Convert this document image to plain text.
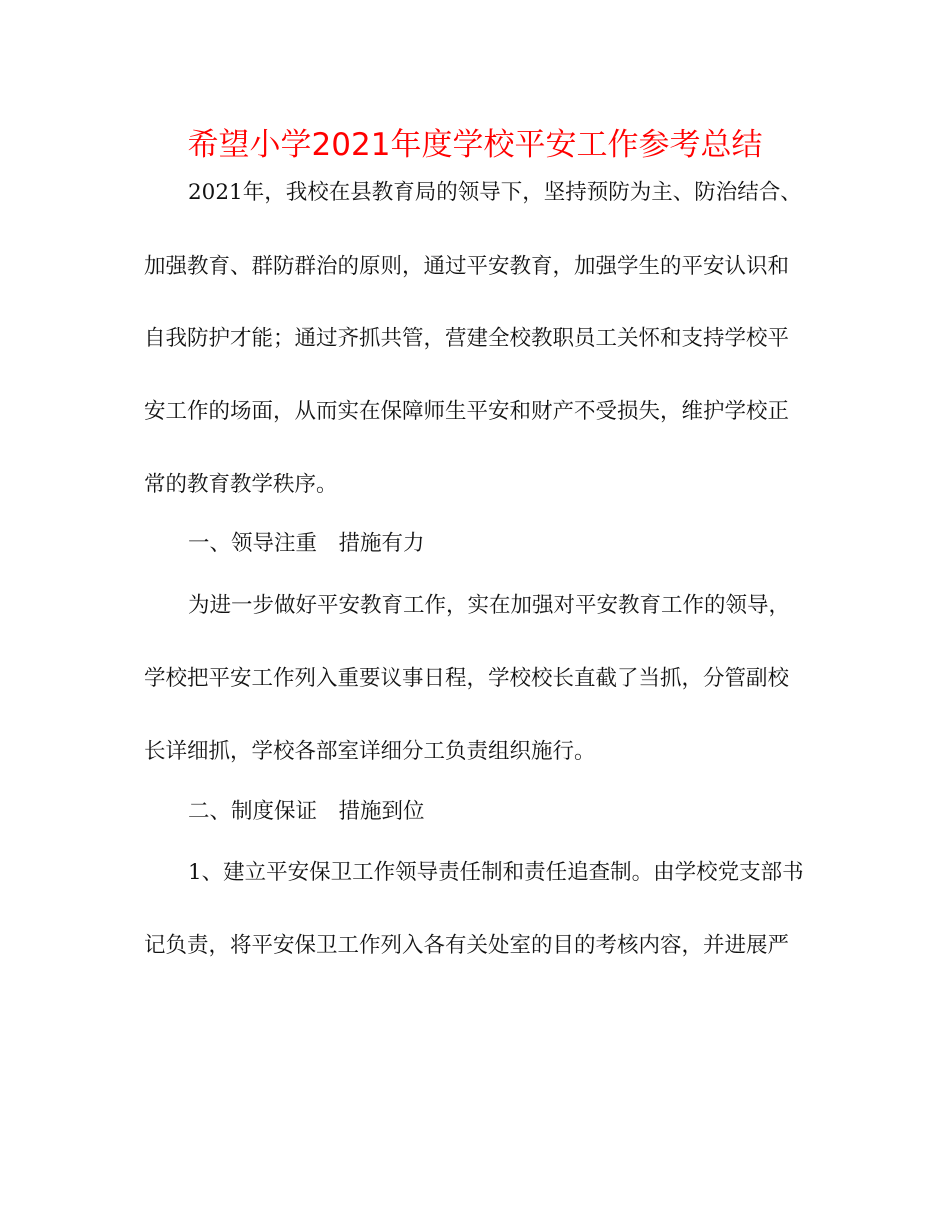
希望小学2021年度学校平安工作参考总结
2021年，我校在县教育局的领导下，坚持预防为主、防治结合、
加强教育、群防群治的原则，通过平安教育，加强学生的平安认识和
自我防护才能；通过齐抓共管，营建全校教职员工关怀和支持学校平
安工作的场面，从而实在保障师生平安和财产不受损失，维护学校正
常的教育教学秩序。
一、领导注重　措施有力
为进一步做好平安教育工作，实在加强对平安教育工作的领导，
学校把平安工作列入重要议事日程，学校校长直截了当抓，分管副校
长详细抓，学校各部室详细分工负责组织施行。
二、制度保证　措施到位
1、建立平安保卫工作领导责任制和责任追查制。由学校党支部书
记负责，将平安保卫工作列入各有关处室的目的考核内容，并进展严
